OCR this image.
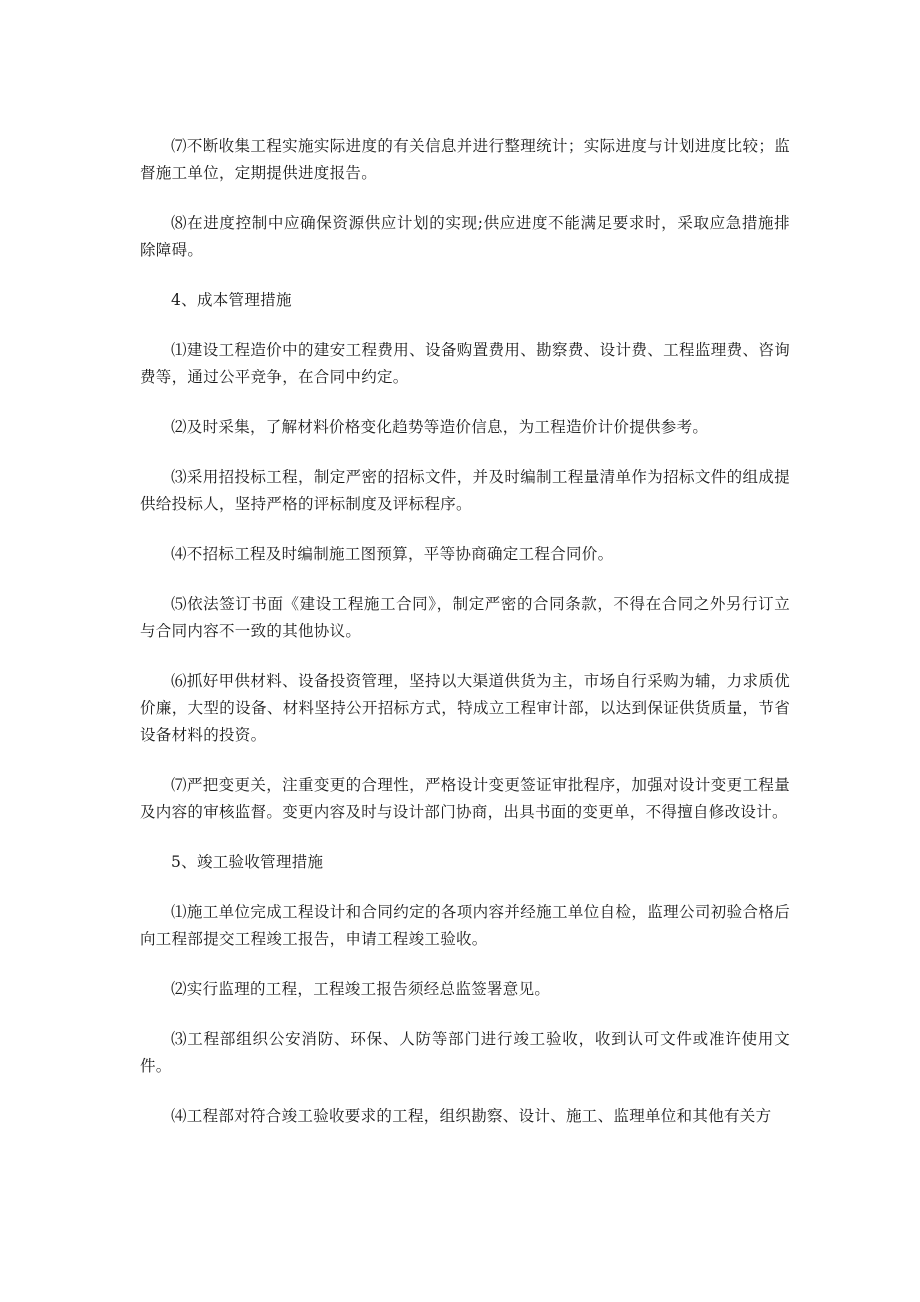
⑺不断收集工程实施实际进度的有关信息并进行整理统计；实际进度与计划进度比较；监督施工单位，定期提供进度报告。

⑻在进度控制中应确保资源供应计划的实现;供应进度不能满足要求时，采取应急措施排除障碍。

4、成本管理措施

⑴建设工程造价中的建安工程费用、设备购置费用、勘察费、设计费、工程监理费、咨询费等，通过公平竞争，在合同中约定。

⑵及时采集，了解材料价格变化趋势等造价信息，为工程造价计价提供参考。

⑶采用招投标工程，制定严密的招标文件，并及时编制工程量清单作为招标文件的组成提供给投标人，坚持严格的评标制度及评标程序。

⑷不招标工程及时编制施工图预算，平等协商确定工程合同价。

⑸依法签订书面《建设工程施工合同》，制定严密的合同条款，不得在合同之外另行订立与合同内容不一致的其他协议。

⑹抓好甲供材料、设备投资管理，坚持以大渠道供货为主，市场自行采购为辅，力求质优价廉，大型的设备、材料坚持公开招标方式，特成立工程审计部，以达到保证供货质量，节省设备材料的投资。

⑺严把变更关，注重变更的合理性，严格设计变更签证审批程序，加强对设计变更工程量及内容的审核监督。变更内容及时与设计部门协商，出具书面的变更单，不得擅自修改设计。

5、竣工验收管理措施

⑴施工单位完成工程设计和合同约定的各项内容并经施工单位自检，监理公司初验合格后向工程部提交工程竣工报告，申请工程竣工验收。

⑵实行监理的工程，工程竣工报告须经总监签署意见。

⑶工程部组织公安消防、环保、人防等部门进行竣工验收，收到认可文件或准许使用文件。

⑷工程部对符合竣工验收要求的工程，组织勘察、设计、施工、监理单位和其他有关方
